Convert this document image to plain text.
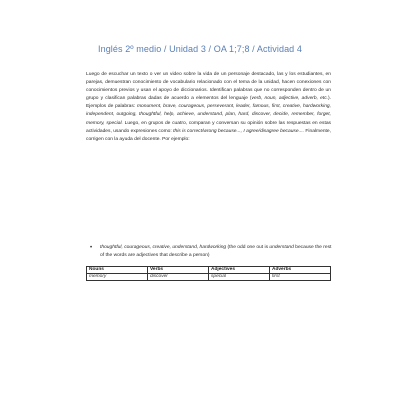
Inglés 2º medio / Unidad 3 / OA 1;7;8 / Actividad 4

Luego de escuchar un texto o ver un video sobre la vida de un personaje destacado, las y los estudiantes, en parejas, demuestran conocimiento de vocabulario relacionado con el tema de la unidad, hacen conexiones con conocimientos previos y usan el apoyo de diccionarios. Identifican palabras que no corresponden dentro de un grupo y clasifican palabras dadas de acuerdo a elementos del lenguaje (verb, noun, adjective, adverb, etc.). Ejemplos de palabras: monument, brave, courageous, perseverant, leader, famous, first, creative, hardworking, independent, outgoing, thoughtful, help, achieve, understand, plan, hard, discover, decide, remember, forget, memory, special. Luego, en grupos de cuatro, comparan y conversan su opinión sobre las respuestas en estas actividades, usando expresiones como: this is correct/wrong because..., I agree/disagree because.... Finalmente, corrigen con la ayuda del docente. Por ejemplo:

• thoughtful, courageous, creative, understand, hardworking (the odd one out is understand because the rest of the words are adjectives that describe a person)
Nouns	Verbs	Adjectives	Adverbs
memory	discover	special	first
